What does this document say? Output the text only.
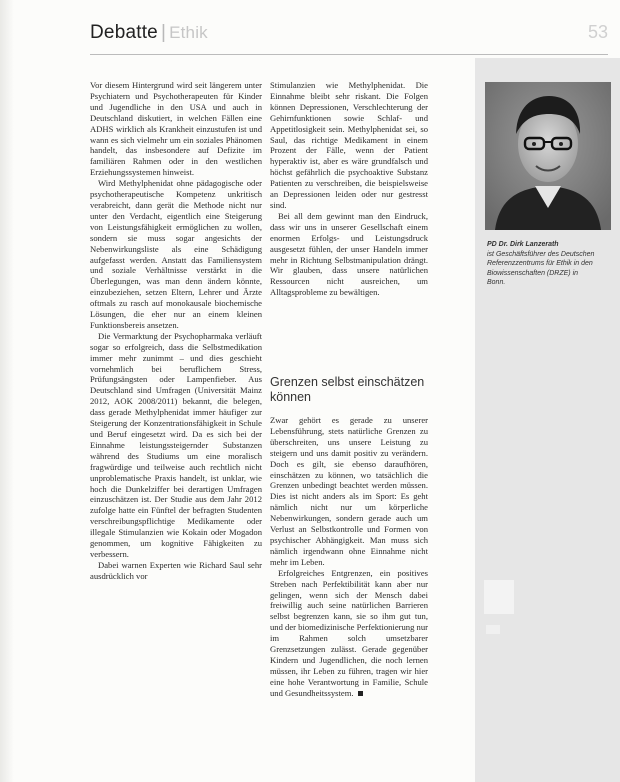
Debatte | Ethik	53

Vor diesem Hintergrund wird seit längerem unter Psychiatern und Psychotherapeuten für Kinder und Jugendliche in den USA und auch in Deutschland diskutiert, in welchen Fällen eine ADHS wirklich als Krankheit einzustufen ist und wann es sich vielmehr um ein soziales Phänomen handelt, das insbesondere auf Defizite im familiären Rahmen oder in den westlichen Erziehungssystemen hinweist.

Wird Methylphenidat ohne pädagogische oder psychotherapeutische Kompetenz unkritisch verabreicht, dann gerät die Methode nicht nur unter den Verdacht, eigentlich eine Steigerung von Leistungsfähigkeit ermöglichen zu wollen, sondern sie muss sogar angesichts der Nebenwirkungsliste als eine Schädigung aufgefasst werden. Anstatt das Familiensystem und soziale Verhältnisse verstärkt in die Überlegungen, was man denn ändern könnte, einzubeziehen, setzen Eltern, Lehrer und Ärzte oftmals zu rasch auf monokausale biochemische Lösungen, die eher nur an einem kleinen Funktionsbereis ansetzen.

Die Vermarktung der Psychopharmaka verläuft sogar so erfolgreich, dass die Selbstmedikation immer mehr zunimmt – und dies geschieht vornehmlich bei beruflichem Stress, Prüfungsängsten oder Lampenfieber. Aus Deutschland sind Umfragen (Universität Mainz 2012, AOK 2008/2011) bekannt, die belegen, dass gerade Methylphenidat immer häufiger zur Steigerung der Konzentrationsfähigkeit in Schule und Beruf eingesetzt wird. Da es sich bei der Einnahme leistungssteigernder Substanzen während des Studiums um eine moralisch fragwürdige und teilweise auch rechtlich nicht unproblematische Praxis handelt, ist unklar, wie hoch die Dunkelziffer bei derartigen Umfragen einzuschätzen ist. Der Studie aus dem Jahr 2012 zufolge hatte ein Fünftel der befragten Studenten verschreibungspflichtige Medikamente oder illegale Stimulanzien wie Kokain oder Mogadon genommen, um kognitive Fähigkeiten zu verbessern.

Dabei warnen Experten wie Richard Saul sehr ausdrücklich vor

Stimulanzien wie Methylphenidat. Die Einnahme bleibt sehr riskant. Die Folgen können Depressionen, Verschlechterung der Gehirnfunktionen sowie Schlaf- und Appetitlosigkeit sein. Methylphenidat sei, so Saul, das richtige Medikament in einem Prozent der Fälle, wenn der Patient hyperaktiv ist, aber es wäre grundfalsch und höchst gefährlich die psychoaktive Substanz Patienten zu verschreiben, die beispielsweise an Depressionen leiden oder nur gestresst sind.

Bei all dem gewinnt man den Eindruck, dass wir uns in unserer Gesellschaft einem enormen Erfolgs- und Leistungsdruck ausgesetzt fühlen, der unser Handeln immer mehr in Richtung Selbstmanipulation drängt. Wir glauben, dass unsere natürlichen Ressourcen nicht ausreichen, um Alltagsprobleme zu bewältigen.

Grenzen selbst einschätzen können

Zwar gehört es gerade zu unserer Lebensführung, stets natürliche Grenzen zu überschreiten, uns unsere Leistung zu steigern und uns damit positiv zu verändern. Doch es gilt, sie ebenso daraufhören, einschätzen zu können, wo tatsächlich die Grenzen unbedingt beachtet werden müssen. Dies ist nicht anders als im Sport: Es geht nämlich nicht nur um körperliche Nebenwirkungen, sondern gerade auch um Verlust an Selbstkontrolle und Formen von psychischer Abhängigkeit. Man muss sich nämlich irgendwann ohne Einnahme nicht mehr im Leben.

Erfolgreiches Entgrenzen, ein positives Streben nach Perfektibilität kann aber nur gelingen, wenn sich der Mensch dabei freiwillig auch seine natürlichen Barrieren selbst begrenzen kann, sie so ihm gut tun, und der biomedizinische Perfektionierung nur im Rahmen solch umsetzbarer Grenzsetzungen zulässt. Gerade gegenüber Kindern und Jugendlichen, die noch lernen müssen, ihr Leben zu führen, tragen wir hier eine hohe Verantwortung in Familie, Schule und Gesundheitssystem.

PD Dr. Dirk Lanzerath
ist Geschäftsführer des Deutschen Referenzzentrums für Ethik in den Biowissenschaften (DRZE) in Bonn.
